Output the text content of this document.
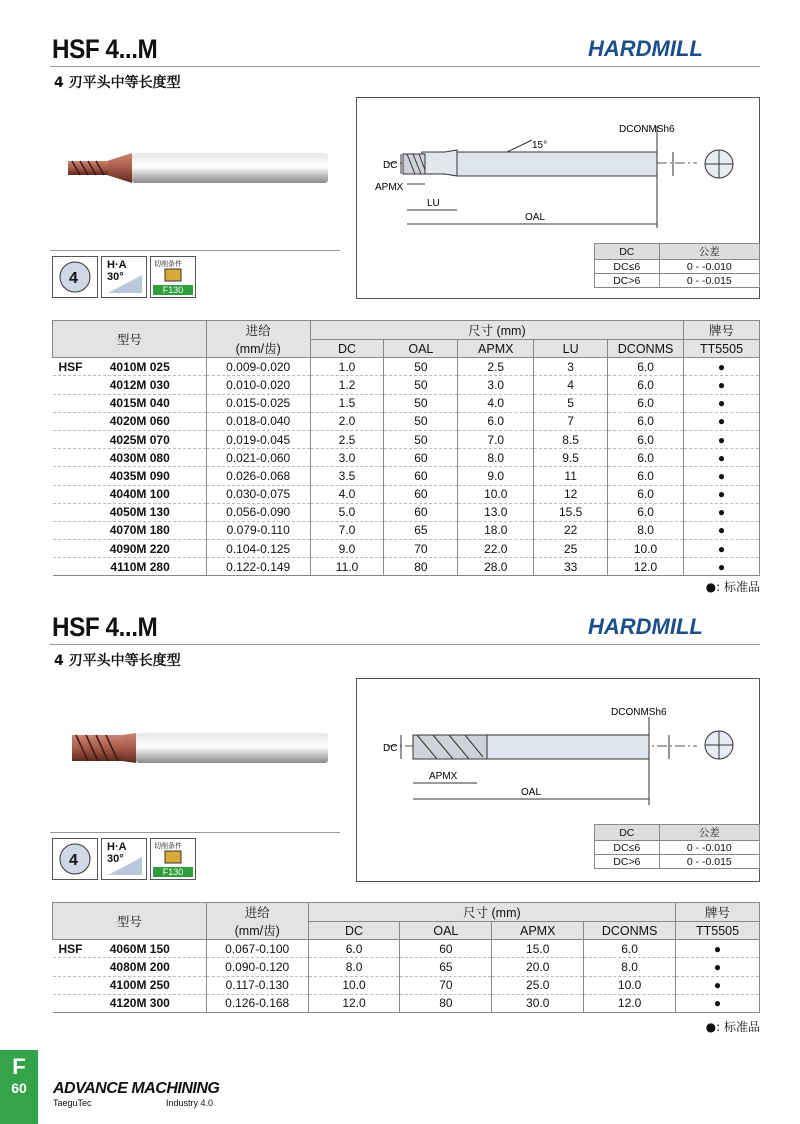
HSF 4...M	HARDMILL
4 刃平头中等长度型
4
H·A
30°
切削条件
F130
DC
APMX
LU
OAL
DCONMSh6
15°
DC	公差
DC≤6	0 - -0.010
DC>6	0 - -0.015
型号	进给
(mm/齿)	尺寸 (mm)					牌号
		DC	OAL	APMX	LU	DCONMS	TT5505

HSF 4010M 025	0.009-0.020	1.0	50	2.5	3	6.0	●
4012M 030	0.010-0.020	1.2	50	3.0	4	6.0	●
4015M 040	0.015-0.025	1.5	50	4.0	5	6.0	●
4020M 060	0.018-0.040	2.0	50	6.0	7	6.0	●
4025M 070	0.019-0.045	2.5	50	7.0	8.5	6.0	●
4030M 080	0.021-0.060	3.0	60	8.0	9.5	6.0	●
4035M 090	0.026-0.068	3.5	60	9.0	11	6.0	●
4040M 100	0.030-0.075	4.0	60	10.0	12	6.0	●
4050M 130	0.056-0.090	5.0	60	13.0	15.5	6.0	●
4070M 180	0.079-0.110	7.0	65	18.0	22	8.0	●
4090M 220	0.104-0.125	9.0	70	22.0	25	10.0	●
4110M 280	0.122-0.149	11.0	80	28.0	33	12.0	●
●: 标准品
HSF 4...M	HARDMILL
4 刃平头中等长度型
4
H·A
30°
切削条件
F130
DC
APMX
OAL
DCONMSh6
DC	公差
DC≤6	0 - -0.010
DC>6	0 - -0.015
型号	进给
(mm/齿)	尺寸 (mm)				牌号
		DC	OAL	APMX	DCONMS	TT5505

HSF 4060M 150	0.067-0.100	6.0	60	15.0	6.0	●
4080M 200	0.090-0.120	8.0	65	20.0	8.0	●
4100M 250	0.117-0.130	10.0	70	25.0	10.0	●
4120M 300	0.126-0.168	12.0	80	30.0	12.0	●
●: 标准品
F
60	ADVANCE MACHINING
TaeguTec	Industry 4.0
